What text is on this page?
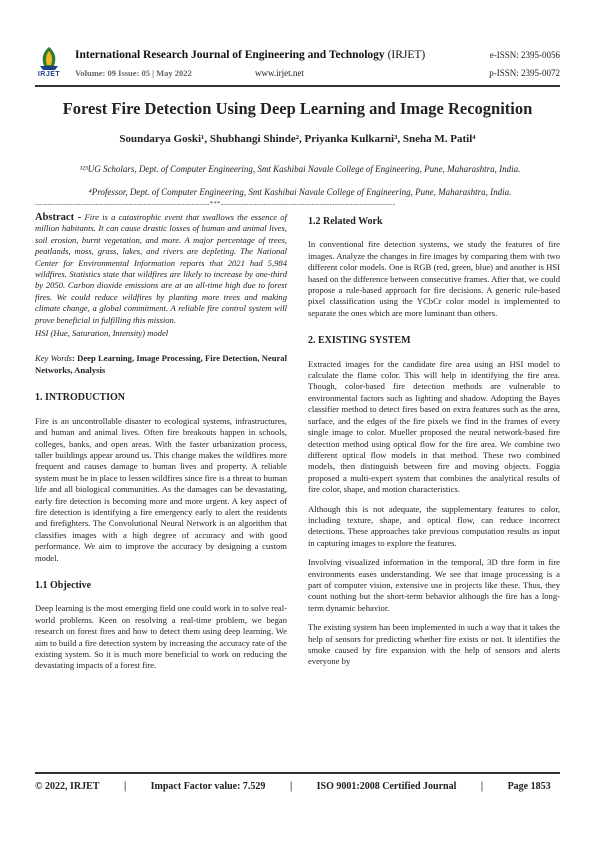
IRJET
International Research Journal of Engineering and Technology (IRJET)
Volume: 09 Issue: 05 | May 2022	www.irjet.net
e-ISSN: 2395-0056
p-ISSN: 2395-0072
Forest Fire Detection Using Deep Learning and Image Recognition
Soundarya Goski¹, Shubhangi Shinde², Priyanka Kulkarni³, Sneha M. Patil⁴
¹²³UG Scholars, Dept. of Computer Engineering, Smt Kashibai Navale College of Engineering, Pune, Maharashtra, India.
⁴Professor, Dept. of Computer Engineering, Smt Kashibai Navale College of Engineering, Pune, Maharashtra, India.
---------------------------------------------------------------------***---------------------------------------------------------------------

Abstract - Fire is a catastrophic event that swallows the essence of million habitants. It can cause drastic losses of human and animal lives, soil erosion, burnt vegetation, and more. A major percentage of trees, peatlands, moss, grass, lakes, and rivers are depleting. The National Center for Environmental Information reports that 2021 had 5,984 wildfires. Statistics state that wildfires are likely to increase by one-third by 2050. Carbon dioxide emissions are at an all-time high due to forest fires. We could reduce wildfires by planting more trees and making climate change, a global commitment. A reliable fire control system will prove beneficial in fulfilling this mission.

HSI (Hue, Saturation, Intensity) model

Key Words: Deep Learning, Image Processing, Fire Detection, Neural Networks, Analysis

1. INTRODUCTION

Fire is an uncontrollable disaster to ecological systems, infrastructures, and human and animal lives. Often fire breakouts happen in schools, colleges, banks, and open areas. With the faster urbanization process, taller buildings appear around us. This change makes the wildfires more frequent and causes damage to human lives and property. A reliable system must be in place to lessen wildfires since fire is a threat to human life and all biological communities. As the damages can be devastating, early fire detection is becoming more and more urgent. A key aspect of fire detection is identifying a fire emergency early to alert the residents and firefighters. The Convolutional Neural Network is an algorithm that classifies images with a high degree of accuracy and with good performance. We aim to improve the accuracy by designing a custom model.

1.1 Objective

Deep learning is the most emerging field one could work in to solve real-world problems. Keen on resolving a real-time problem, we began research on forest fires and how to detect them using deep learning. We aim to build a fire detection system by increasing the accuracy rate of the existing system. So it is much more beneficial to work on reducing the devastating impacts of a forest fire.

1.2 Related Work

In conventional fire detection systems, we study the features of fire images. Analyze the changes in fire images by comparing them with two different color models. One is RGB (red, green, blue) and another is HSI based on the difference between consecutive frames. After that, we could propose a rule-based approach for fire decisions. A generic rule-based pixel classification using the YCbCr color model is implemented to separate the ones which are more luminant than others.

2. EXISTING SYSTEM

Extracted images for the candidate fire area using an HSI model to calculate the flame color. This will help in identifying the fire area. Though, color-based fire detection methods are vulnerable to environmental factors such as lighting and shadow. Adopting the Bayes classifier method to detect fires based on extra features such as the area, surface, and the edges of the fire pixels we find in the frames of every single image to color. Mueller proposed the neural network-based fire detection method using optical flow for the fire area. We combine two different optical flow models in that method. These two combined models, then distinguish between fire and moving objects. Foggia proposed a multi-expert system that combines the analytical results of fire color, shape, and motion characteristics.

Although this is not adequate, the supplementary features to color, including texture, shape, and optical flow, can reduce incorrect detections. These approaches take previous computation results as input in capturing images to explore the features.

Involving visualized information in the temporal, 3D thre form in fire environments eases understanding. We see that image processing is a part of computer vision, extensive use in projects like these. Thus, they count nothing but the short-term behavior although the fire has a long-term dynamic behavior.

The existing system has been implemented in such a way that it takes the help of sensors for predicting whether fire exists or not. It identifies the smoke caused by fire expansion with the help of sensors and alerts everyone by

© 2022, IRJET | Impact Factor value: 7.529 | ISO 9001:2008 Certified Journal | Page 1853
